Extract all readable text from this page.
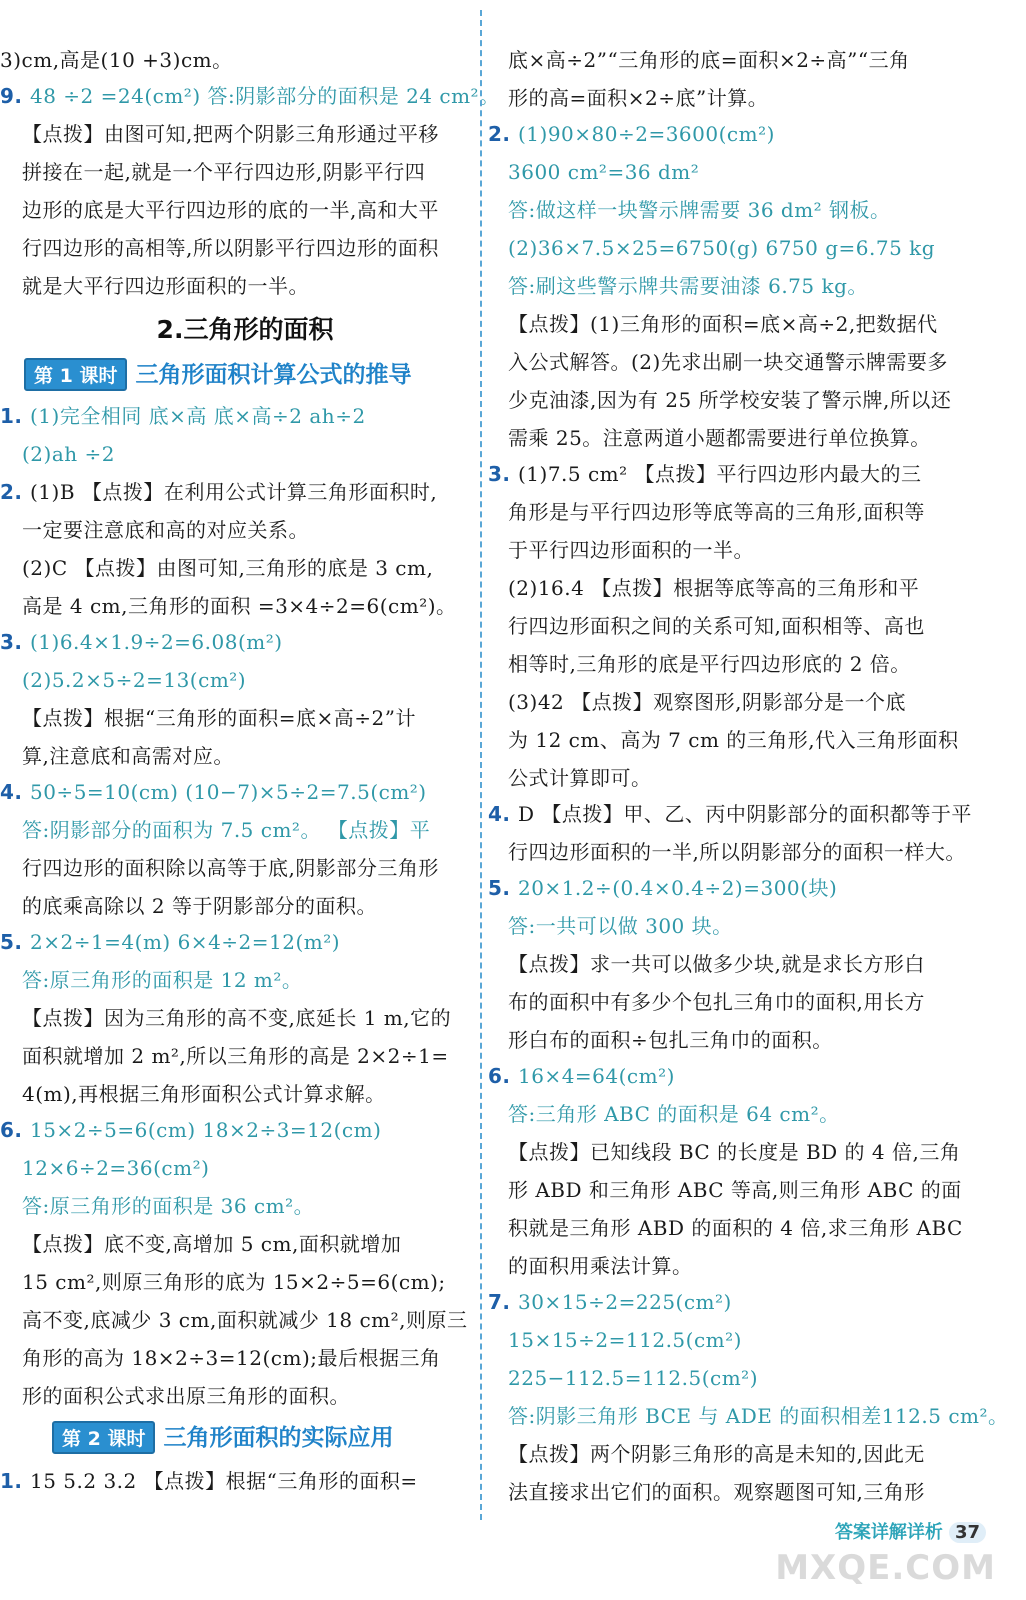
3)cm,高是(10 +3)cm。
9. 48 ÷2 =24(cm²) 答:阴影部分的面积是 24 cm²。
【点拨】由图可知,把两个阴影三角形通过平移
拼接在一起,就是一个平行四边形,阴影平行四
边形的底是大平行四边形的底的一半,高和大平
行四边形的高相等,所以阴影平行四边形的面积
就是大平行四边形面积的一半。
1. (1)完全相同 底×高 底×高÷2 ah÷2
(2)ah ÷2
2. (1)B 【点拨】在利用公式计算三角形面积时,
一定要注意底和高的对应关系。
(2)C 【点拨】由图可知,三角形的底是 3 cm,
高是 4 cm,三角形的面积 =3×4÷2=6(cm²)。
3. (1)6.4×1.9÷2=6.08(m²)
(2)5.2×5÷2=13(cm²)
【点拨】根据“三角形的面积=底×高÷2”计
算,注意底和高需对应。
4. 50÷5=10(cm) (10−7)×5÷2=7.5(cm²)
答:阴影部分的面积为 7.5 cm²。 【点拨】平
行四边形的面积除以高等于底,阴影部分三角形
的底乘高除以 2 等于阴影部分的面积。
5. 2×2÷1=4(m) 6×4÷2=12(m²)
答:原三角形的面积是 12 m²。
【点拨】因为三角形的高不变,底延长 1 m,它的
面积就增加 2 m²,所以三角形的高是 2×2÷1=
4(m),再根据三角形面积公式计算求解。
6. 15×2÷5=6(cm) 18×2÷3=12(cm)
12×6÷2=36(cm²)
答:原三角形的面积是 36 cm²。
【点拨】底不变,高增加 5 cm,面积就增加
15 cm²,则原三角形的底为 15×2÷5=6(cm);
高不变,底减少 3 cm,面积就减少 18 cm²,则原三
角形的高为 18×2÷3=12(cm);最后根据三角
形的面积公式求出原三角形的面积。
1. 15 5.2 3.2 【点拨】根据“三角形的面积=
底×高÷2”“三角形的底=面积×2÷高”“三角
形的高=面积×2÷底”计算。
2. (1)90×80÷2=3600(cm²)
3600 cm²=36 dm²
答:做这样一块警示牌需要 36 dm² 钢板。
(2)36×7.5×25=6750(g) 6750 g=6.75 kg
答:刷这些警示牌共需要油漆 6.75 kg。
【点拨】(1)三角形的面积=底×高÷2,把数据代
入公式解答。(2)先求出刷一块交通警示牌需要多
少克油漆,因为有 25 所学校安装了警示牌,所以还
需乘 25。注意两道小题都需要进行单位换算。
3. (1)7.5 cm² 【点拨】平行四边形内最大的三
角形是与平行四边形等底等高的三角形,面积等
于平行四边形面积的一半。
(2)16.4 【点拨】根据等底等高的三角形和平
行四边形面积之间的关系可知,面积相等、高也
相等时,三角形的底是平行四边形底的 2 倍。
(3)42 【点拨】观察图形,阴影部分是一个底
为 12 cm、高为 7 cm 的三角形,代入三角形面积
公式计算即可。
4. D 【点拨】甲、乙、丙中阴影部分的面积都等于平
行四边形面积的一半,所以阴影部分的面积一样大。
5. 20×1.2÷(0.4×0.4÷2)=300(块)
答:一共可以做 300 块。
【点拨】求一共可以做多少块,就是求长方形白
布的面积中有多少个包扎三角巾的面积,用长方
形白布的面积÷包扎三角巾的面积。
6. 16×4=64(cm²)
答:三角形 ABC 的面积是 64 cm²。
【点拨】已知线段 BC 的长度是 BD 的 4 倍,三角
形 ABD 和三角形 ABC 等高,则三角形 ABC 的面
积就是三角形 ABD 的面积的 4 倍,求三角形 ABC
的面积用乘法计算。
7. 30×15÷2=225(cm²)
15×15÷2=112.5(cm²)
225−112.5=112.5(cm²)
答:阴影三角形 BCE 与 ADE 的面积相差112.5 cm²。
【点拨】两个阴影三角形的高是未知的,因此无
法直接求出它们的面积。观察题图可知,三角形
2.三角形的面积
第 1 课时 三角形面积计算公式的推导
第 2 课时 三角形面积的实际应用
答案详解详析 37
MXQE.COM
